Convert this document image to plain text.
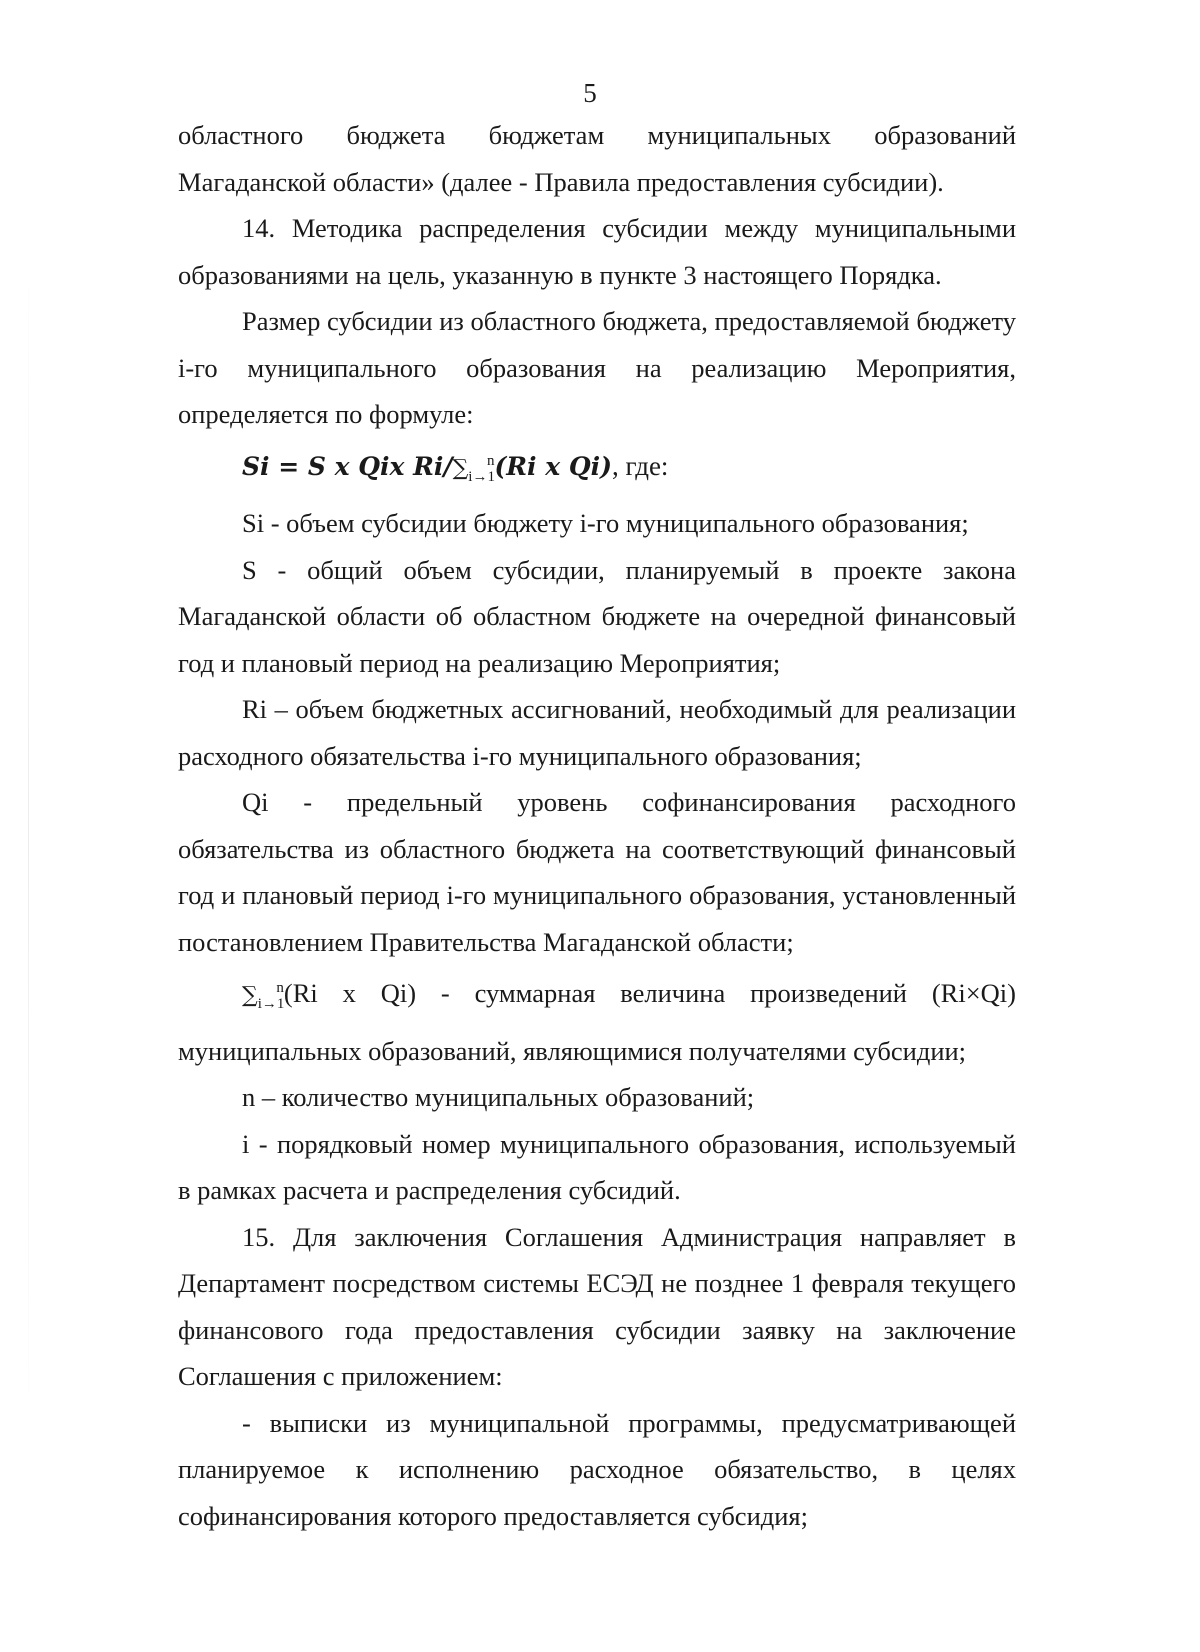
5

областного бюджета бюджетам муниципальных образований Магаданской области» (далее - Правила предоставления субсидии).

14. Методика распределения субсидии между муниципальными образованиями на цель, указанную в пункте 3 настоящего Порядка.

Размер субсидии из областного бюджета, предоставляемой бюджету i-го муниципального образования на реализацию Мероприятия, определяется по формуле:

Si = S x Qix $Ri/\sum_{i\to 1}^n(Ri$ x Qi), где:

Si - объем субсидии бюджету i-го муниципального образования;

S - общий объем субсидии, планируемый в проекте закона Магаданской области об областном бюджете на очередной финансовый год и плановый период на реализацию Мероприятия;

Ri – объем бюджетных ассигнований, необходимый для реализации расходного обязательства i-го муниципального образования;

Qi - предельный уровень софинансирования расходного обязательства из областного бюджета на соответствующий финансовый год и плановый период i-го муниципального образования, установленный постановлением Правительства Магаданской области;

$\sum_{i\to 1}^n(Ri$ x Qi) - суммарная величина произведений (Ri×Qi) муниципальных образований, являющимися получателями субсидии;

n – количество муниципальных образований;

i - порядковый номер муниципального образования, используемый в рамках расчета и распределения субсидий.

15. Для заключения Соглашения Администрация направляет в Департамент посредством системы ЕСЭД не позднее 1 февраля текущего финансового года предоставления субсидии заявку на заключение Соглашения с приложением:

- выписки из муниципальной программы, предусматривающей планируемое к исполнению расходное обязательство, в целях софинансирования которого предоставляется субсидия;
